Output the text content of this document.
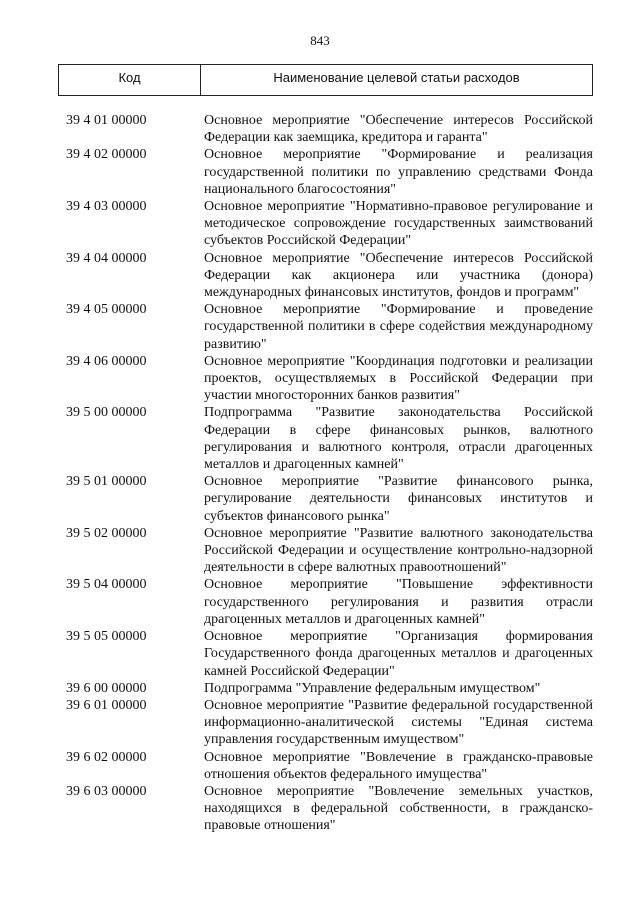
843
Код	Наименование целевой статьи расходов
39 4 01 00000	Основное мероприятие "Обеспечение интересов Российской Федерации как заемщика, кредитора и гаранта"
39 4 02 00000	Основное мероприятие "Формирование и реализация государственной политики по управлению средствами Фонда национального благосостояния"
39 4 03 00000	Основное мероприятие "Нормативно-правовое регулирование и методическое сопровождение государственных заимствований субъектов Российской Федерации"
39 4 04 00000	Основное мероприятие "Обеспечение интересов Российской Федерации как акционера или участника (донора) международных финансовых институтов, фондов и программ"
39 4 05 00000	Основное мероприятие "Формирование и проведение государственной политики в сфере содействия международному развитию"
39 4 06 00000	Основное мероприятие "Координация подготовки и реализации проектов, осуществляемых в Российской Федерации при участии многосторонних банков развития"
39 5 00 00000	Подпрограмма "Развитие законодательства Российской Федерации в сфере финансовых рынков, валютного регулирования и валютного контроля, отрасли драгоценных металлов и драгоценных камней"
39 5 01 00000	Основное мероприятие "Развитие финансового рынка, регулирование деятельности финансовых институтов и субъектов финансового рынка"
39 5 02 00000	Основное мероприятие "Развитие валютного законодательства Российской Федерации и осуществление контрольно-надзорной деятельности в сфере валютных правоотношений"
39 5 04 00000	Основное мероприятие "Повышение эффективности государственного регулирования и развития отрасли драгоценных металлов и драгоценных камней"
39 5 05 00000	Основное мероприятие "Организация формирования Государственного фонда драгоценных металлов и драгоценных камней Российской Федерации"
39 6 00 00000	Подпрограмма "Управление федеральным имуществом"
39 6 01 00000	Основное мероприятие "Развитие федеральной государственной информационно-аналитической системы "Единая система управления государственным имуществом"
39 6 02 00000	Основное мероприятие "Вовлечение в гражданско-правовые отношения объектов федерального имущества"
39 6 03 00000	Основное мероприятие "Вовлечение земельных участков, находящихся в федеральной собственности, в гражданско-правовые отношения"
